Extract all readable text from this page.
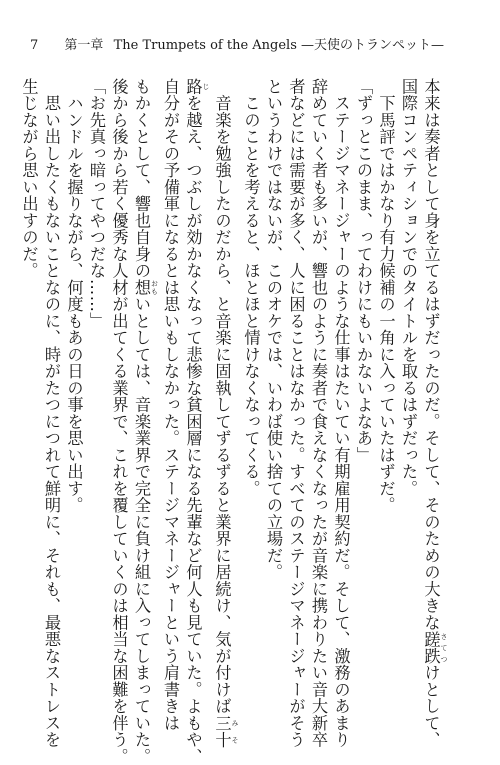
7 第一章 The Trumpets of the Angels —天使のトランペット—

本来は奏者として身を立てるはずだったのだ。そして、そのための大きな蹉跌 さてつけとして、

国際コンペティションでのタイトルを取るはずだった。

　下馬評ではかなり有力候補の一角に入っていたはずだ。

「ずっとこのまま、ってわけにもいかないよなあ」

　ステージマネージャーのような仕事はたいてい有期雇用契約だ。そして、激務のあまり

辞めていく者も多いが、響也のように奏者で食えなくなったが音楽に携わりたい音大新卒

者などには需要が多く、人に困ることはなかった。すべてのステージマネージャーがそう

というわけではないが、このオケでは、いわば使い捨ての立場だ。

　このことを考えると、ほとほと情けなくなってくる。

　音楽を勉強したのだから、と音楽に固執してずるずると業界に居続け、気が付けば三十 みそ

路 じを越え、つぶしが効かなくなって悲惨な貧困層になる先輩など何人も見ていた。よもや、

自分がその予備軍になるとは思いもしなかった。ステージマネージャーという肩書きは

もかくとして、響也自身の想 おもいとしては、音楽業界で完全に負け組に入ってしまっていた。

後から後から若く優秀な人材が出てくる業界で、これを覆していくのは相当な困難を伴う。

「お先真っ暗ってやつだな……」

　ハンドルを握りながら、何度もあの日の事を思い出す。

　思い出したくもないことなのに、時がたつにつれて鮮明に、それも、最悪なストレスを

生じながら思い出すのだ。
